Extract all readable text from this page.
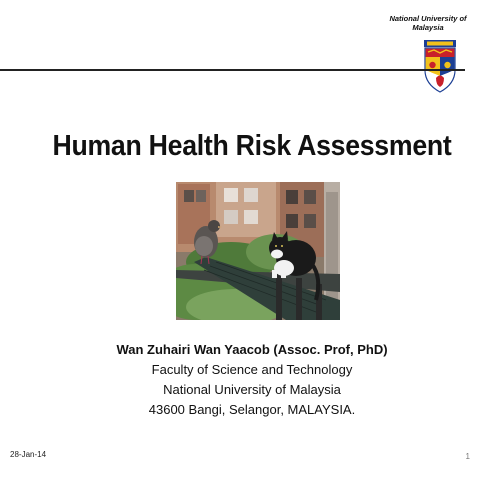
National University of
Malaysia
Human Health Risk Assessment
Wan Zuhairi Wan Yaacob (Assoc. Prof, PhD)
Faculty of Science and Technology
National University of Malaysia
43600 Bangi, Selangor, MALAYSIA.
28-Jan-14	1
